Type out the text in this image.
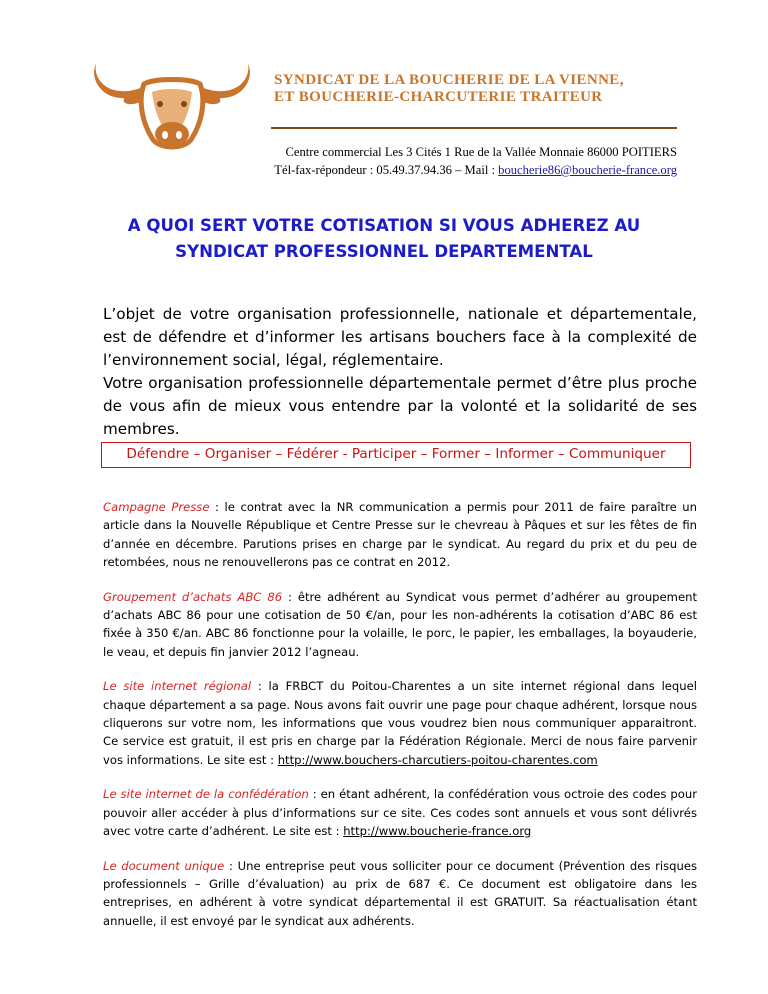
SYNDICAT DE LA BOUCHERIE DE LA VIENNE,
ET BOUCHERIE-CHARCUTERIE TRAITEUR
Centre commercial Les 3 Cités 1 Rue de la Vallée Monnaie 86000 POITIERS
Tél-fax-répondeur : 05.49.37.94.36 – Mail : boucherie86@boucherie-france.org
A QUOI SERT VOTRE COTISATION SI VOUS ADHEREZ AU
SYNDICAT PROFESSIONNEL DEPARTEMENTAL

L’objet de votre organisation professionnelle, nationale et départementale, est de défendre et d’informer les artisans bouchers face à la complexité de l’environnement social, légal, réglementaire.

Votre organisation professionnelle départementale permet d’être plus proche de vous afin de mieux vous entendre par la volonté et la solidarité de ses membres.

Défendre – Organiser – Fédérer - Participer – Former – Informer – Communiquer

Campagne Presse : le contrat avec la NR communication a permis pour 2011 de faire paraître un article dans la Nouvelle République et Centre Presse sur le chevreau à Pâques et sur les fêtes de fin d’année en décembre. Parutions prises en charge par le syndicat. Au regard du prix et du peu de retombées, nous ne renouvellerons pas ce contrat en 2012.

Groupement d’achats ABC 86 : être adhérent au Syndicat vous permet d’adhérer au groupement d’achats ABC 86 pour une cotisation de 50 €/an, pour les non-adhérents la cotisation d’ABC 86 est fixée à 350 €/an. ABC 86 fonctionne pour la volaille, le porc, le papier, les emballages, la boyauderie, le veau, et depuis fin janvier 2012 l’agneau.

Le site internet régional : la FRBCT du Poitou-Charentes a un site internet régional dans lequel chaque département a sa page. Nous avons fait ouvrir une page pour chaque adhérent, lorsque nous cliquerons sur votre nom, les informations que vous voudrez bien nous communiquer apparaitront. Ce service est gratuit, il est pris en charge par la Fédération Régionale. Merci de nous faire parvenir vos informations. Le site est : http://www.bouchers-charcutiers-poitou-charentes.com

Le site internet de la confédération : en étant adhérent, la confédération vous octroie des codes pour pouvoir aller accéder à plus d’informations sur ce site. Ces codes sont annuels et vous sont délivrés avec votre carte d’adhérent. Le site est : http://www.boucherie-france.org

Le document unique : Une entreprise peut vous solliciter pour ce document (Prévention des risques professionnels – Grille d’évaluation) au prix de 687 €. Ce document est obligatoire dans les entreprises, en adhérent à votre syndicat départemental il est GRATUIT. Sa réactualisation étant annuelle, il est envoyé par le syndicat aux adhérents.
